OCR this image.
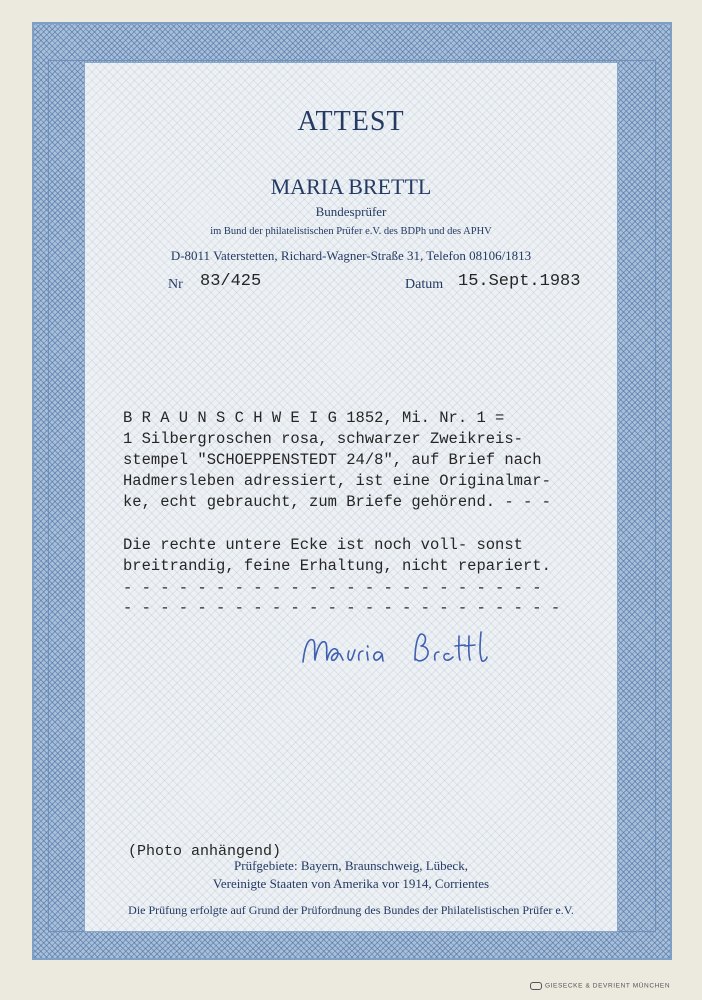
ATTEST
MARIA BRETTL
Bundesprüfer
im Bund der philatelistischen Prüfer e.V. des BDPh und des APHV
D-8011 Vaterstetten, Richard-Wagner-Straße 31, Telefon 08106/1813
Nr 83/425	Datum 15.Sept.1983
B R A U N S C H W E I G 1852, Mi. Nr. 1 =
1 Silbergroschen rosa, schwarzer Zweikreis-
stempel "SCHOEPPENSTEDT 24/8", auf Brief nach
Hadmersleben adressiert, ist eine Originalmar-
ke, echt gebraucht, zum Briefe gehörend. - - -
Die rechte untere Ecke ist noch voll- sonst
breitrandig, feine Erhaltung, nicht repariert.
- - - - - - - - - - - - - - - - - - - - - - -
- - - - - - - - - - - - - - - - - - - - - - - -
(Photo anhängend)
Prüfgebiete: Bayern, Braunschweig, Lübeck,
Vereinigte Staaten von Amerika vor 1914, Corrientes
Die Prüfung erfolgte auf Grund der Prüfordnung des Bundes der Philatelistischen Prüfer e.V.
GIESECKE & DEVRIENT MÜNCHEN
